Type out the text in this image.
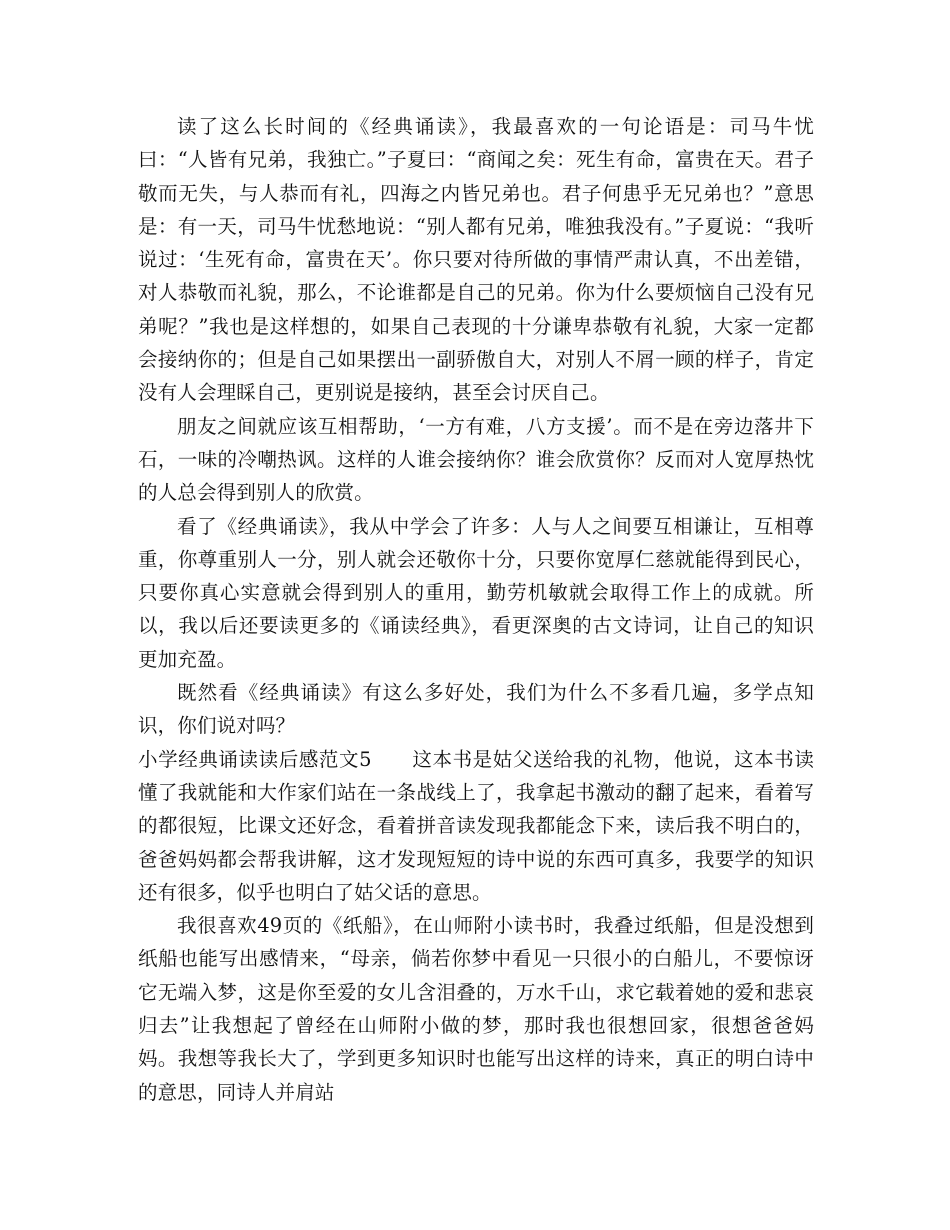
读了这么长时间的《经典诵读》，我最喜欢的一句论语是：司马牛忧曰：“人皆有兄弟，我独亡。”子夏曰：“商闻之矣：死生有命，富贵在天。君子敬而无失，与人恭而有礼，四海之内皆兄弟也。君子何患乎无兄弟也？”意思是：有一天，司马牛忧愁地说：“别人都有兄弟，唯独我没有。”子夏说：“我听说过：‘生死有命，富贵在天’。你只要对待所做的事情严肃认真，不出差错，对人恭敬而礼貌，那么，不论谁都是自己的兄弟。你为什么要烦恼自己没有兄弟呢？”我也是这样想的，如果自己表现的十分谦卑恭敬有礼貌，大家一定都会接纳你的；但是自己如果摆出一副骄傲自大，对别人不屑一顾的样子，肯定没有人会理睬自己，更别说是接纳，甚至会讨厌自己。

朋友之间就应该互相帮助，‘一方有难，八方支援’。而不是在旁边落井下石，一味的冷嘲热讽。这样的人谁会接纳你？谁会欣赏你？反而对人宽厚热忱的人总会得到别人的欣赏。

看了《经典诵读》，我从中学会了许多：人与人之间要互相谦让，互相尊重，你尊重别人一分，别人就会还敬你十分，只要你宽厚仁慈就能得到民心，只要你真心实意就会得到别人的重用，勤劳机敏就会取得工作上的成就。所以，我以后还要读更多的《诵读经典》，看更深奥的古文诗词，让自己的知识更加充盈。

既然看《经典诵读》有这么多好处，我们为什么不多看几遍，多学点知识，你们说对吗？

小学经典诵读读后感范文5　　这本书是姑父送给我的礼物，他说，这本书读懂了我就能和大作家们站在一条战线上了，我拿起书激动的翻了起来，看着写的都很短，比课文还好念，看着拼音读发现我都能念下来，读后我不明白的，爸爸妈妈都会帮我讲解，这才发现短短的诗中说的东西可真多，我要学的知识还有很多，似乎也明白了姑父话的意思。

我很喜欢49页的《纸船》，在山师附小读书时，我叠过纸船，但是没想到纸船也能写出感情来，“母亲，倘若你梦中看见一只很小的白船儿，不要惊讶它无端入梦，这是你至爱的女儿含泪叠的，万水千山，求它载着她的爱和悲哀归去”让我想起了曾经在山师附小做的梦，那时我也很想回家，很想爸爸妈妈。我想等我长大了，学到更多知识时也能写出这样的诗来，真正的明白诗中的意思，同诗人并肩站
